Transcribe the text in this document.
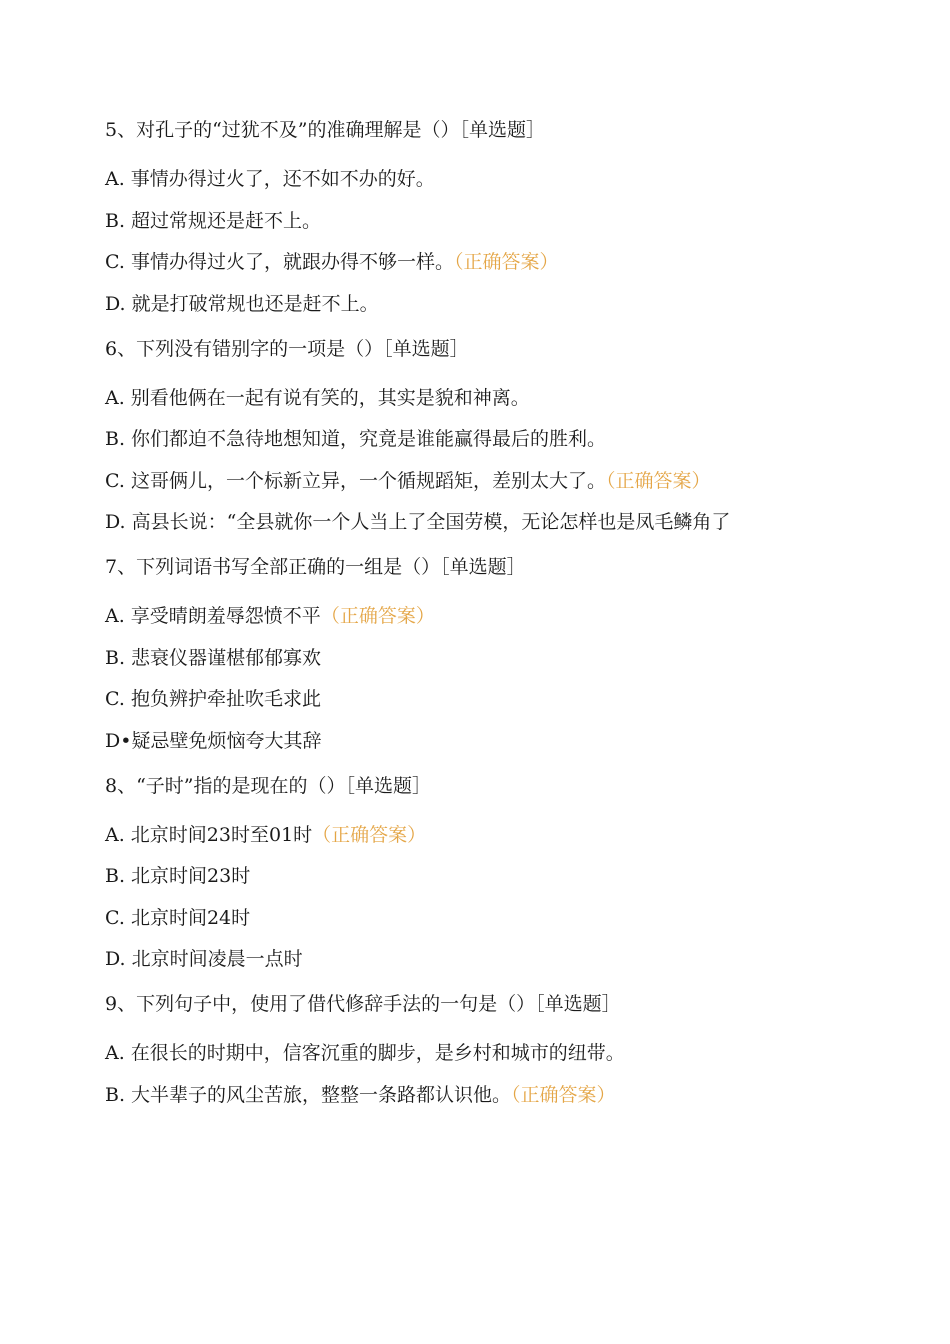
5、对孔子的“过犹不及”的准确理解是（）［单选题］
A. 事情办得过火了，还不如不办的好。
B. 超过常规还是赶不上。
C. 事情办得过火了，就跟办得不够一样。（正确答案）
D. 就是打破常规也还是赶不上。
6、下列没有错别字的一项是（）［单选题］
A. 别看他俩在一起有说有笑的，其实是貌和神离。
B. 你们都迫不急待地想知道，究竟是谁能赢得最后的胜利。
C. 这哥俩儿，一个标新立异，一个循规蹈矩，差别太大了。（正确答案）
D. 高县长说：“全县就你一个人当上了全国劳模，无论怎样也是凤毛鳞角了
7、下列词语书写全部正确的一组是（）［单选题］
A. 享受晴朗羞辱怨愤不平（正确答案）
B. 悲衰仪器谨椹郁郁寡欢
C. 抱负辨护牵扯吹毛求此
D•疑忌壁免烦恼夸大其辞
8、“子时”指的是现在的（）［单选题］
A. 北京时间23时至01时（正确答案）
B. 北京时间23时
C. 北京时间24时
D. 北京时间凌晨一点时
9、下列句子中，使用了借代修辞手法的一句是（）［单选题］
A. 在很长的时期中，信客沉重的脚步，是乡村和城市的纽带。
B. 大半辈子的风尘苦旅，整整一条路都认识他。（正确答案）
